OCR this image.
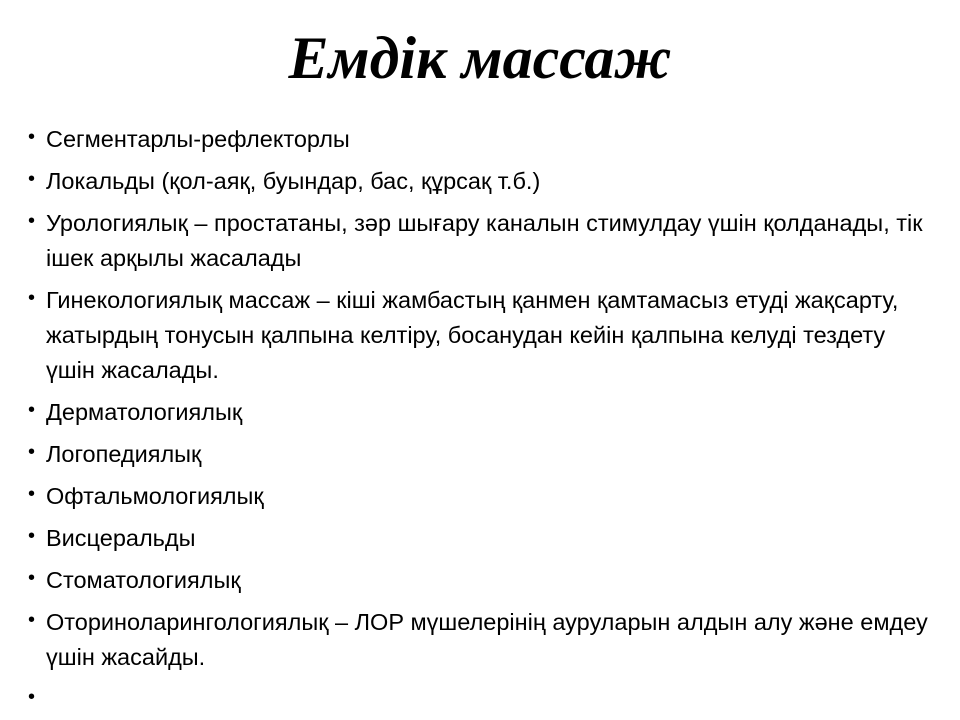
Емдік массаж
• Сегментарлы-рефлекторлы
• Локальды (қол-аяқ, буындар, бас, құрсақ т.б.)
• Урологиялық – простатаны, зәр шығару каналын стимулдау үшін қолданады, тік ішек арқылы жасалады
• Гинекологиялық массаж – кіші жамбастың қанмен қамтамасыз етуді жақсарту, жатырдың тонусын қалпына келтіру, босанудан кейін қалпына келуді тездету үшін жасалады.
• Дерматологиялық
• Логопедиялық
• Офтальмологиялық
• Висцеральды
• Стоматологиялық
• Оториноларингологиялық – ЛОР мүшелерінің ауруларын алдын алу және емдеу үшін жасайды.
•
